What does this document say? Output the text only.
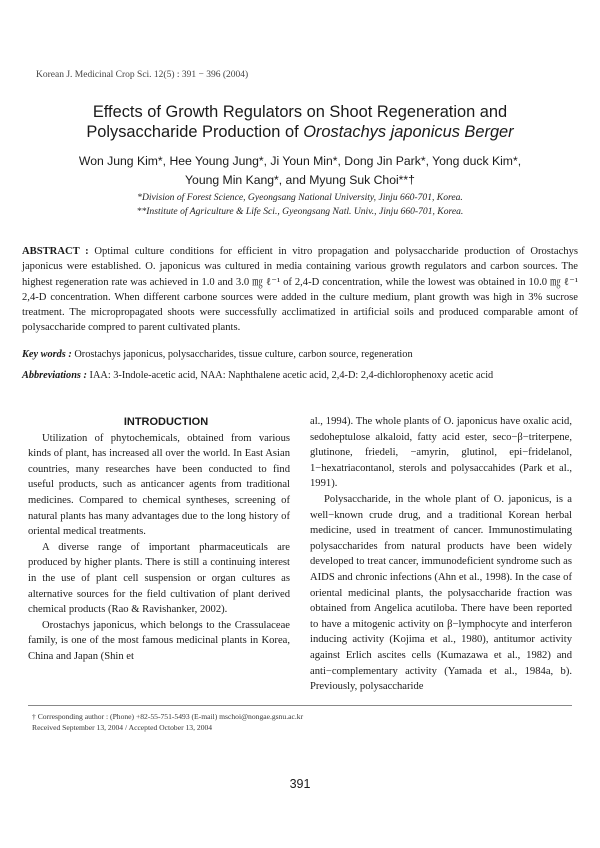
Korean J. Medicinal Crop Sci. 12(5) : 391 − 396 (2004)
Effects of Growth Regulators on Shoot Regeneration and
Polysaccharide Production of Orostachys japonicus Berger
Won Jung Kim*, Hee Young Jung*, Ji Youn Min*, Dong Jin Park*, Yong duck Kim*,
Young Min Kang*, and Myung Suk Choi**†
*Division of Forest Science, Gyeongsang National University, Jinju 660-701, Korea.
**Institute of Agriculture & Life Sci., Gyeongsang Natl. Univ., Jinju 660-701, Korea.
ABSTRACT : Optimal culture conditions for efficient in vitro propagation and polysaccharide production of Orostachys japonicus were established. O. japonicus was cultured in media containing various growth regulators and carbon sources. The highest regeneration rate was achieved in 1.0 and 3.0 ㎎ ℓ⁻¹ of 2,4-D concentration, while the lowest was obtained in 10.0 ㎎ ℓ⁻¹ 2,4-D concentration. When different carbone sources were added in the culture medium, plant growth was high in 3% sucrose treatment. The micropropagated shoots were successfully acclimatized in artificial soils and produced comparable amont of polysaccharide compred to parent cultivated plants.
Key words : Orostachys japonicus, polysaccharides, tissue culture, carbon source, regeneration
Abbreviations : IAA: 3-Indole-acetic acid, NAA: Naphthalene acetic acid, 2,4-D: 2,4-dichlorophenoxy acetic acid

INTRODUCTION

Utilization of phytochemicals, obtained from various kinds of plant, has increased all over the world. In East Asian countries, many researches have been conducted to find useful products, such as anticancer agents from traditional medicines. Compared to chemical syntheses, screening of natural plants has many advantages due to the long history of oriental medical treatments.

A diverse range of important pharmaceuticals are produced by higher plants. There is still a continuing interest in the use of plant cell suspension or organ cultures as alternative sources for the field cultivation of plant derived chemical products (Rao & Ravishanker, 2002).

Orostachys japonicus, which belongs to the Crassulaceae family, is one of the most famous medicinal plants in Korea, China and Japan (Shin et

al., 1994). The whole plants of O. japonicus have oxalic acid, sedoheptulose alkaloid, fatty acid ester, seco−β−triterpene, glutinone, friedeli, −amyrin, glutinol, epi−fridelanol, 1−hexatriacontanol, sterols and polysaccahides (Park et al., 1991).

Polysaccharide, in the whole plant of O. japonicus, is a well−known crude drug, and a traditional Korean herbal medicine, used in treatment of cancer. Immunostimulating polysaccharides from natural products have been widely developed to treat cancer, immunodeficient syndrome such as AIDS and chronic infections (Ahn et al., 1998). In the case of oriental medicinal plants, the polysaccharide fraction was obtained from Angelica acutiloba. There have been reported to have a mitogenic activity on β−lymphocyte and interferon inducing activity (Kojima et al., 1980), antitumor activity against Erlich ascites cells (Kumazawa et al., 1982) and anti−complementary activity (Yamada et al., 1984a, b). Previously, polysaccharide

† Corresponding author : (Phone) +82-55-751-5493 (E-mail) mschoi@nongae.gsnu.ac.kr
Received September 13, 2004 / Accepted October 13, 2004
391
